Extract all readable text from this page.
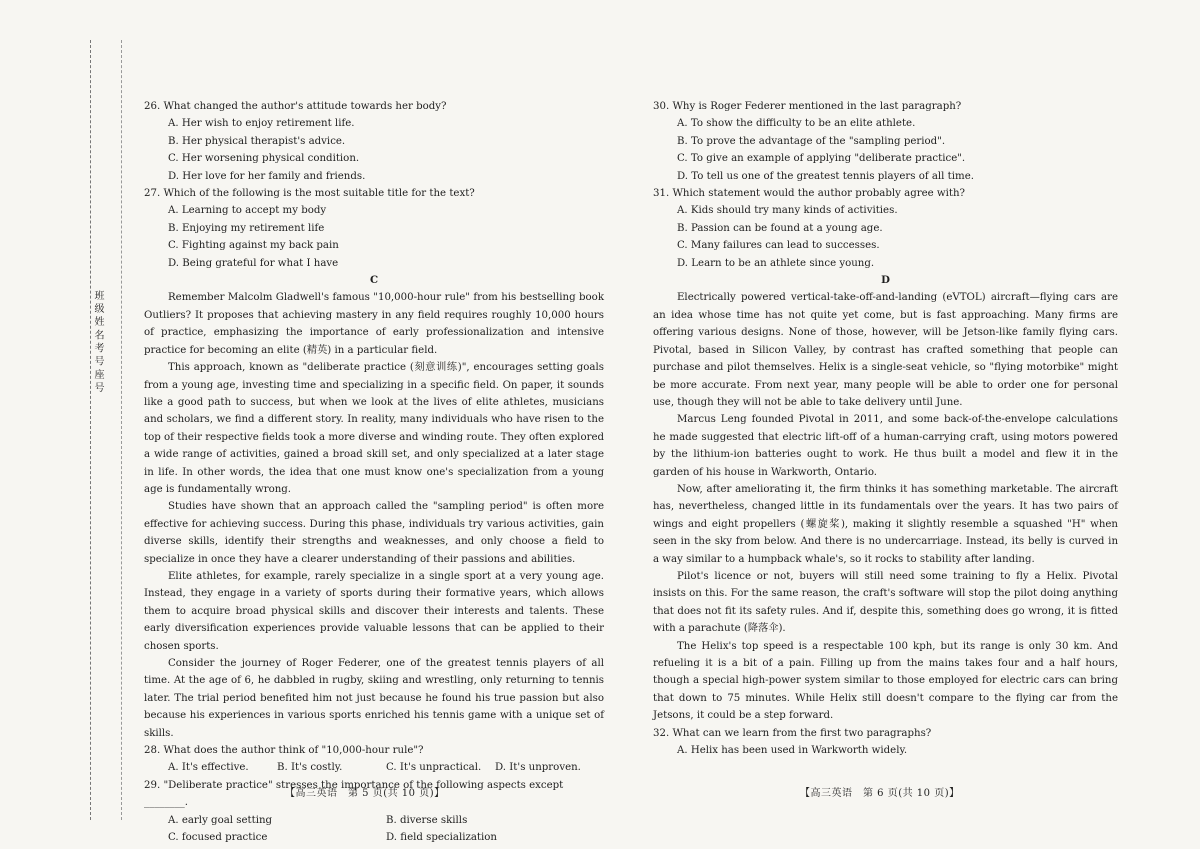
班 级 姓 名 考 号 座 号

26. What changed the author's attitude towards her body?

A. Her wish to enjoy retirement life.

B. Her physical therapist's advice.

C. Her worsening physical condition.

D. Her love for her family and friends.

27. Which of the following is the most suitable title for the text?

A. Learning to accept my body

B. Enjoying my retirement life

C. Fighting against my back pain

D. Being grateful for what I have

C

Remember Malcolm Gladwell's famous "10,000-hour rule" from his bestselling book Outliers? It proposes that achieving mastery in any field requires roughly 10,000 hours of practice, emphasizing the importance of early professionalization and intensive practice for becoming an elite (精英) in a particular field.

This approach, known as "deliberate practice (刻意训练)", encourages setting goals from a young age, investing time and specializing in a specific field. On paper, it sounds like a good path to success, but when we look at the lives of elite athletes, musicians and scholars, we find a different story. In reality, many individuals who have risen to the top of their respective fields took a more diverse and winding route. They often explored a wide range of activities, gained a broad skill set, and only specialized at a later stage in life. In other words, the idea that one must know one's specialization from a young age is fundamentally wrong.

Studies have shown that an approach called the "sampling period" is often more effective for achieving success. During this phase, individuals try various activities, gain diverse skills, identify their strengths and weaknesses, and only choose a field to specialize in once they have a clearer understanding of their passions and abilities.

Elite athletes, for example, rarely specialize in a single sport at a very young age. Instead, they engage in a variety of sports during their formative years, which allows them to acquire broad physical skills and discover their interests and talents. These early diversification experiences provide valuable lessons that can be applied to their chosen sports.

Consider the journey of Roger Federer, one of the greatest tennis players of all time. At the age of 6, he dabbled in rugby, skiing and wrestling, only returning to tennis later. The trial period benefited him not just because he found his true passion but also because his experiences in various sports enriched his tennis game with a unique set of skills.

28. What does the author think of "10,000-hour rule"?

A. It's effective.	B. It's costly.	C. It's unpractical.	D. It's unproven.

29. "Deliberate practice" stresses the importance of the following aspects except ________.

A. early goal setting	B. diverse skills
C. focused practice	D. field specialization

30. Why is Roger Federer mentioned in the last paragraph?

A. To show the difficulty to be an elite athlete.

B. To prove the advantage of the "sampling period".

C. To give an example of applying "deliberate practice".

D. To tell us one of the greatest tennis players of all time.

31. Which statement would the author probably agree with?

A. Kids should try many kinds of activities.

B. Passion can be found at a young age.

C. Many failures can lead to successes.

D. Learn to be an athlete since young.

D

Electrically powered vertical-take-off-and-landing (eVTOL) aircraft—flying cars are an idea whose time has not quite yet come, but is fast approaching. Many firms are offering various designs. None of those, however, will be Jetson-like family flying cars. Pivotal, based in Silicon Valley, by contrast has crafted something that people can purchase and pilot themselves. Helix is a single-seat vehicle, so "flying motorbike" might be more accurate. From next year, many people will be able to order one for personal use, though they will not be able to take delivery until June.

Marcus Leng founded Pivotal in 2011, and some back-of-the-envelope calculations he made suggested that electric lift-off of a human-carrying craft, using motors powered by the lithium-ion batteries ought to work. He thus built a model and flew it in the garden of his house in Warkworth, Ontario.

Now, after ameliorating it, the firm thinks it has something marketable. The aircraft has, nevertheless, changed little in its fundamentals over the years. It has two pairs of wings and eight propellers (螺旋桨), making it slightly resemble a squashed "H" when seen in the sky from below. And there is no undercarriage. Instead, its belly is curved in a way similar to a humpback whale's, so it rocks to stability after landing.

Pilot's licence or not, buyers will still need some training to fly a Helix. Pivotal insists on this. For the same reason, the craft's software will stop the pilot doing anything that does not fit its safety rules. And if, despite this, something does go wrong, it is fitted with a parachute (降落伞).

The Helix's top speed is a respectable 100 kph, but its range is only 30 km. And refueling it is a bit of a pain. Filling up from the mains takes four and a half hours, though a special high-power system similar to those employed for electric cars can bring that down to 75 minutes. While Helix still doesn't compare to the flying car from the Jetsons, it could be a step forward.

32. What can we learn from the first two paragraphs?

A. Helix has been used in Warkworth widely.

【高三英语　第 5 页(共 10 页)】	【高三英语　第 6 页(共 10 页)】
